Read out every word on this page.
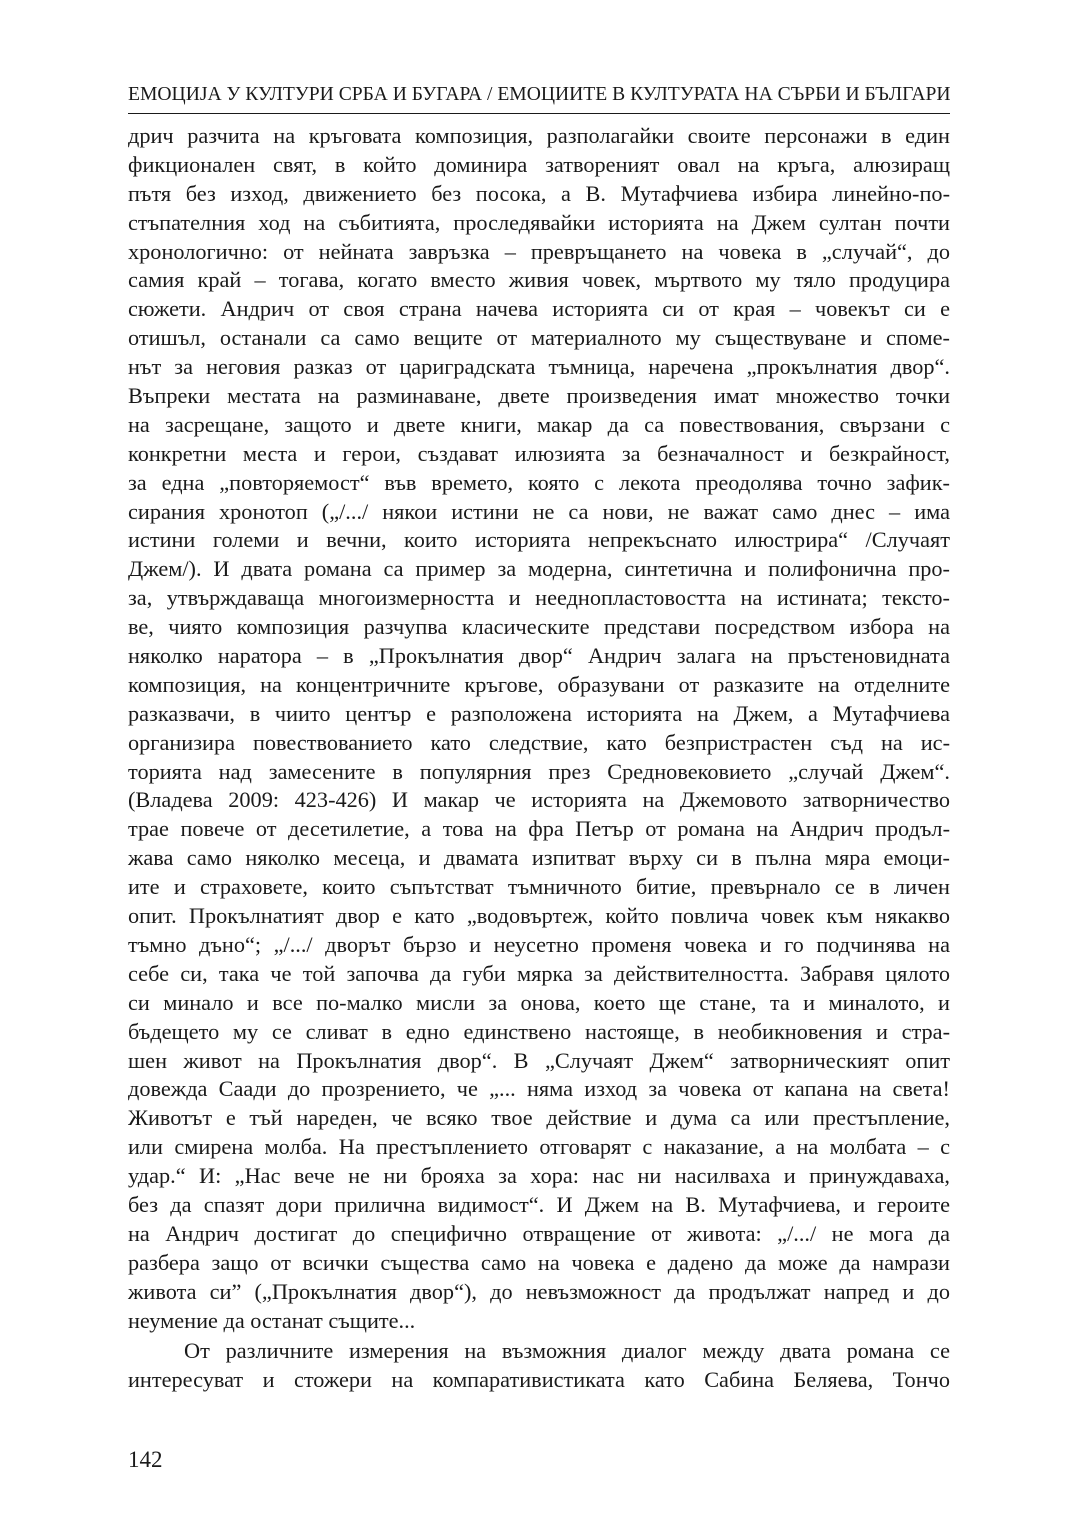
ЕМОЦИЈА У КУЛТУРИ СРБА И БУГАРА / ЕМОЦИИТЕ В КУЛТУРАТА НА СЪРБИ И БЪЛГАРИ
дрич разчита на кръговата композиция, разполагайки своите персонажи в един
фикционален свят, в който доминира затвореният овал на кръга, алюзиращ
пътя без изход, движението без посока, а В. Мутафчиева избира линейно-по-
стъпателния ход на събитията, проследявайки историята на Джем султан почти
хронологично: от нейната завръзка – превръщането на човека в „случай“, до
самия край – тогава, когато вместо живия човек, мъртвото му тяло продуцира
сюжети. Андрич от своя страна начева историята си от края – човекът си е
отишъл, останали са само вещите от материалното му съществуване и споме-
нът за неговия разказ от цариградската тъмница, наречена „прокълнатия двор“.
Въпреки местата на разминаване, двете произведения имат множество точки
на засрещане, защото и двете книги, макар да са повествования, свързани с
конкретни места и герои, създават илюзията за безначалност и безкрайност,
за една „повторяемост“ във времето, която с лекота преодолява точно зафик-
сирания хронотоп („/.../ някои истини не са нови, не важат само днес – има
истини големи и вечни, които историята непрекъснато илюстрира“ /Случаят
Джем/). И двата романа са пример за модерна, синтетична и полифонична про-
за, утвърждаваща многоизмерността и нееднопластовостта на истината; тексто-
ве, чиято композиция разчупва класическите представи посредством избора на
няколко наратора – в „Прокълнатия двор“ Андрич залага на пръстеновидната
композиция, на концентричните кръгове, образувани от разказите на отделните
разказвачи, в чиито център е разположена историята на Джем, а Мутафчиева
организира повествованието като следствие, като безпристрастен съд на ис-
торията над замесените в популярния през Средновековието „случай Джем“.
(Владева 2009: 423-426) И макар че историята на Джемовото затворничество
трае повече от десетилетие, а това на фра Петър от романа на Андрич продъл-
жава само няколко месеца, и двамата изпитват върху си в пълна мяра емоци-
ите и страховете, които съпътстват тъмничното битие, превърнало се в личен
опит. Прокълнатият двор е като „водовъртеж, който повлича човек към някакво
тъмно дъно“; „/.../ дворът бързо и неусетно променя човека и го подчинява на
себе си, така че той започва да губи мярка за действителността. Забравя цялото
си минало и все по-малко мисли за онова, което ще стане, та и миналото, и
бъдещето му се сливат в едно единствено настояще, в необикновения и стра-
шен живот на Прокълнатия двор“. В „Случаят Джем“ затворническият опит
довежда Саади до прозрението, че „... няма изход за човека от капана на света!
Животът е тъй нареден, че всяко твое действие и дума са или престъпление,
или смирена молба. На престъплението отговарят с наказание, а на молбата – с
удар.“ И: „Нас вече не ни брояха за хора: нас ни насилваха и принуждаваха,
без да спазят дори прилична видимост“. И Джем на В. Мутафчиева, и героите
на Андрич достигат до специфично отвращение от живота: „/.../ не мога да
разбера защо от всички същества само на човека е дадено да може да намрази
живота си” („Прокълнатия двор“), до невъзможност да продължат напред и до
неумение да останат същите...
От различните измерения на възможния диалог между двата романа се
интересуват и стожери на компаративистиката като Сабина Беляева, Тончо
142
